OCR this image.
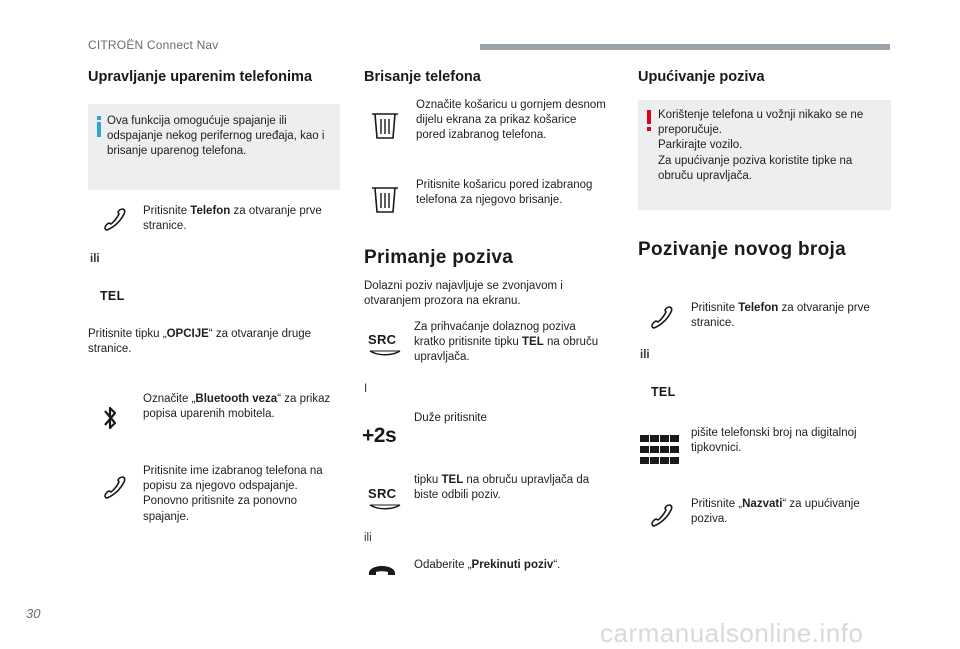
CITROËN Connect Nav
Upravljanje uparenim telefonima
Ova funkcija omogućuje spajanje ili odspajanje nekog perifernog uređaja, kao i brisanje uparenog telefona.
Pritisnite Telefon za otvaranje prve stranice.
ili
TEL
Pritisnite tipku „OPCIJE“ za otvaranje druge stranice.
Označite „Bluetooth veza“ za prikaz popisa uparenih mobitela.
Pritisnite ime izabranog telefona na popisu za njegovo odspajanje. Ponovno pritisnite za ponovno spajanje.
Brisanje telefona
Označite košaricu u gornjem desnom dijelu ekrana za prikaz košarice pored izabranog telefona.
Pritisnite košaricu pored izabranog telefona za njegovo brisanje.
Primanje poziva
Dolazni poziv najavljuje se zvonjavom i otvaranjem prozora na ekranu.
SRC
Za prihvaćanje dolaznog poziva kratko pritisnite tipku TEL na obruču upravljača.
I
+2s
Duže pritisnite
SRC
tipku TEL na obruču upravljača da biste odbili poziv.
ili
Odaberite „Prekinuti poziv“.
Upućivanje poziva
Korištenje telefona u vožnji nikako se ne preporučuje.
Parkirajte vozilo.
Za upućivanje poziva koristite tipke na obruču upravljača.
Pozivanje novog broja
Pritisnite Telefon za otvaranje prve stranice.
ili
TEL
pišite telefonski broj na digitalnoj tipkovnici.
Pritisnite „Nazvati“ za upućivanje poziva.
30
carmanualsonline.info
